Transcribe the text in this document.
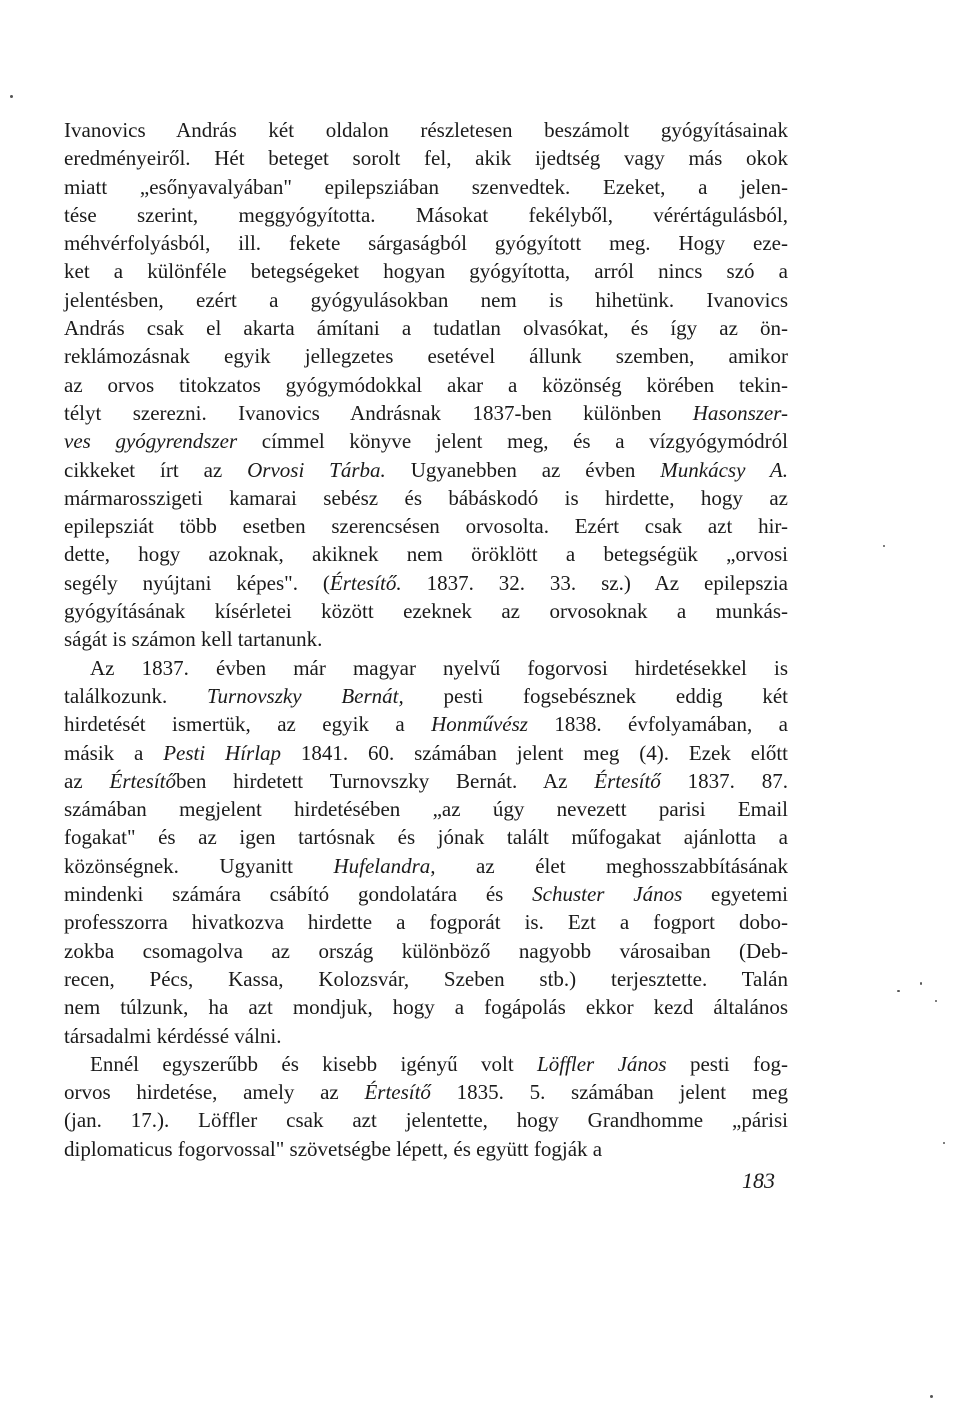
Ivanovics András két oldalon részletesen beszámolt gyógyításainak
eredményeiről. Hét beteget sorolt fel, akik ijedtség vagy más okok
miatt „esőnyavalyában" epilepsziában szenvedtek. Ezeket, a jelen-
tése szerint, meggyógyította. Másokat fekélyből, vérértágulásból,
méhvérfolyásból, ill. fekete sárgaságból gyógyított meg. Hogy eze-
ket a különféle betegségeket hogyan gyógyította, arról nincs szó a
jelentésben, ezért a gyógyulásokban nem is hihetünk. Ivanovics
András csak el akarta ámítani a tudatlan olvasókat, és így az ön-
reklámozásnak egyik jellegzetes esetével állunk szemben, amikor
az orvos titokzatos gyógymódokkal akar a közönség körében tekin-
télyt szerezni. Ivanovics Andrásnak 1837-ben különben Hasonszer-
ves gyógyrendszer címmel könyve jelent meg, és a vízgyógymódról
cikkeket írt az Orvosi Tárba. Ugyanebben az évben Munkácsy A.
mármarosszigeti kamarai sebész és bábáskodó is hirdette, hogy az
epilepsziát több esetben szerencsésen orvosolta. Ezért csak azt hir-
dette, hogy azoknak, akiknek nem öröklött a betegségük „orvosi
segély nyújtani képes". (Értesítő. 1837. 32. 33. sz.) Az epilepszia
gyógyításának kísérletei között ezeknek az orvosoknak a munkás-
ságát is számon kell tartanunk.
Az 1837. évben már magyar nyelvű fogorvosi hirdetésekkel is
találkozunk. Turnovszky Bernát, pesti fogsebésznek eddig két
hirdetését ismertük, az egyik a Honművész 1838. évfolyamában, a
másik a Pesti Hírlap 1841. 60. számában jelent meg (4). Ezek előtt
az Értesítőben hirdetett Turnovszky Bernát. Az Értesítő 1837. 87.
számában megjelent hirdetésében „az úgy nevezett parisi Email
fogakat" és az igen tartósnak és jónak talált műfogakat ajánlotta a
közönségnek. Ugyanitt Hufelandra, az élet meghosszabbításának
mindenki számára csábító gondolatára és Schuster János egyetemi
professzorra hivatkozva hirdette a fogporát is. Ezt a fogport dobo-
zokba csomagolva az ország különböző nagyobb városaiban (Deb-
recen, Pécs, Kassa, Kolozsvár, Szeben stb.) terjesztette. Talán
nem túlzunk, ha azt mondjuk, hogy a fogápolás ekkor kezd általános
társadalmi kérdéssé válni.
Ennél egyszerűbb és kisebb igényű volt Löffler János pesti fog-
orvos hirdetése, amely az Értesítő 1835. 5. számában jelent meg
(jan. 17.). Löffler csak azt jelentette, hogy Grandhomme „párisi
diplomaticus fogorvossal" szövetségbe lépett, és együtt fogják a
183
